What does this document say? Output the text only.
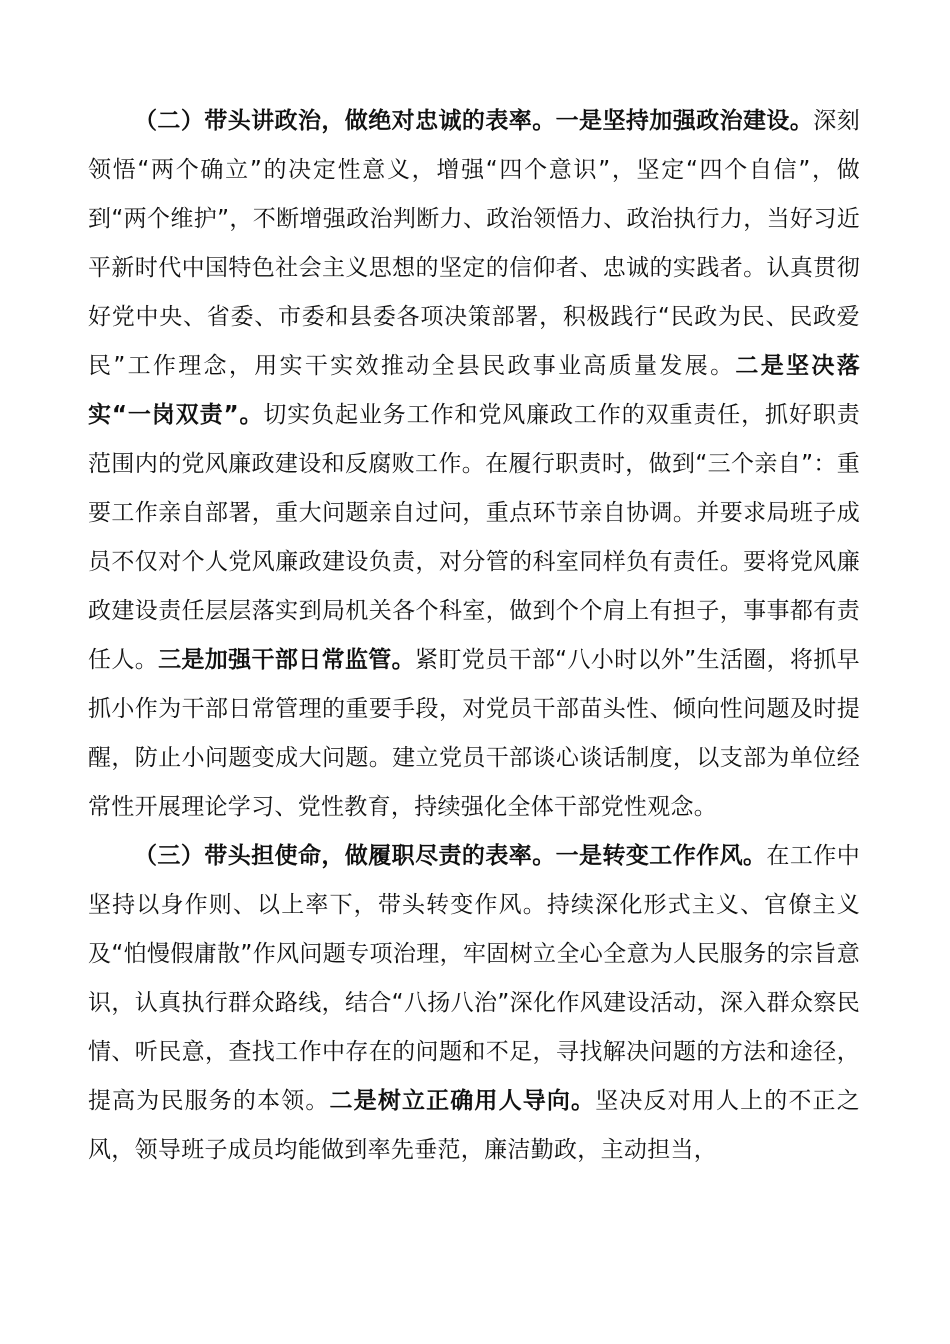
（二）带头讲政治，做绝对忠诚的表率。一是坚持加强政治建设。深刻领悟“两个确立”的决定性意义，增强“四个意识”，坚定“四个自信”，做到“两个维护”，不断增强政治判断力、政治领悟力、政治执行力，当好习近平新时代中国特色社会主义思想的坚定的信仰者、忠诚的实践者。认真贯彻好党中央、省委、市委和县委各项决策部署，积极践行“民政为民、民政爱民”工作理念，用实干实效推动全县民政事业高质量发展。二是坚决落实“一岗双责”。切实负起业务工作和党风廉政工作的双重责任，抓好职责范围内的党风廉政建设和反腐败工作。在履行职责时，做到“三个亲自”：重要工作亲自部署，重大问题亲自过问，重点环节亲自协调。并要求局班子成员不仅对个人党风廉政建设负责，对分管的科室同样负有责任。要将党风廉政建设责任层层落实到局机关各个科室，做到个个肩上有担子，事事都有责任人。三是加强干部日常监管。紧盯党员干部“八小时以外”生活圈，将抓早抓小作为干部日常管理的重要手段，对党员干部苗头性、倾向性问题及时提醒，防止小问题变成大问题。建立党员干部谈心谈话制度，以支部为单位经常性开展理论学习、党性教育，持续强化全体干部党性观念。

（三）带头担使命，做履职尽责的表率。一是转变工作作风。在工作中坚持以身作则、以上率下，带头转变作风。持续深化形式主义、官僚主义及“怕慢假庸散”作风问题专项治理，牢固树立全心全意为人民服务的宗旨意识，认真执行群众路线，结合“八扬八治”深化作风建设活动，深入群众察民情、听民意，查找工作中存在的问题和不足，寻找解决问题的方法和途径，提高为民服务的本领。二是树立正确用人导向。坚决反对用人上的不正之风，领导班子成员均能做到率先垂范，廉洁勤政，主动担当，
